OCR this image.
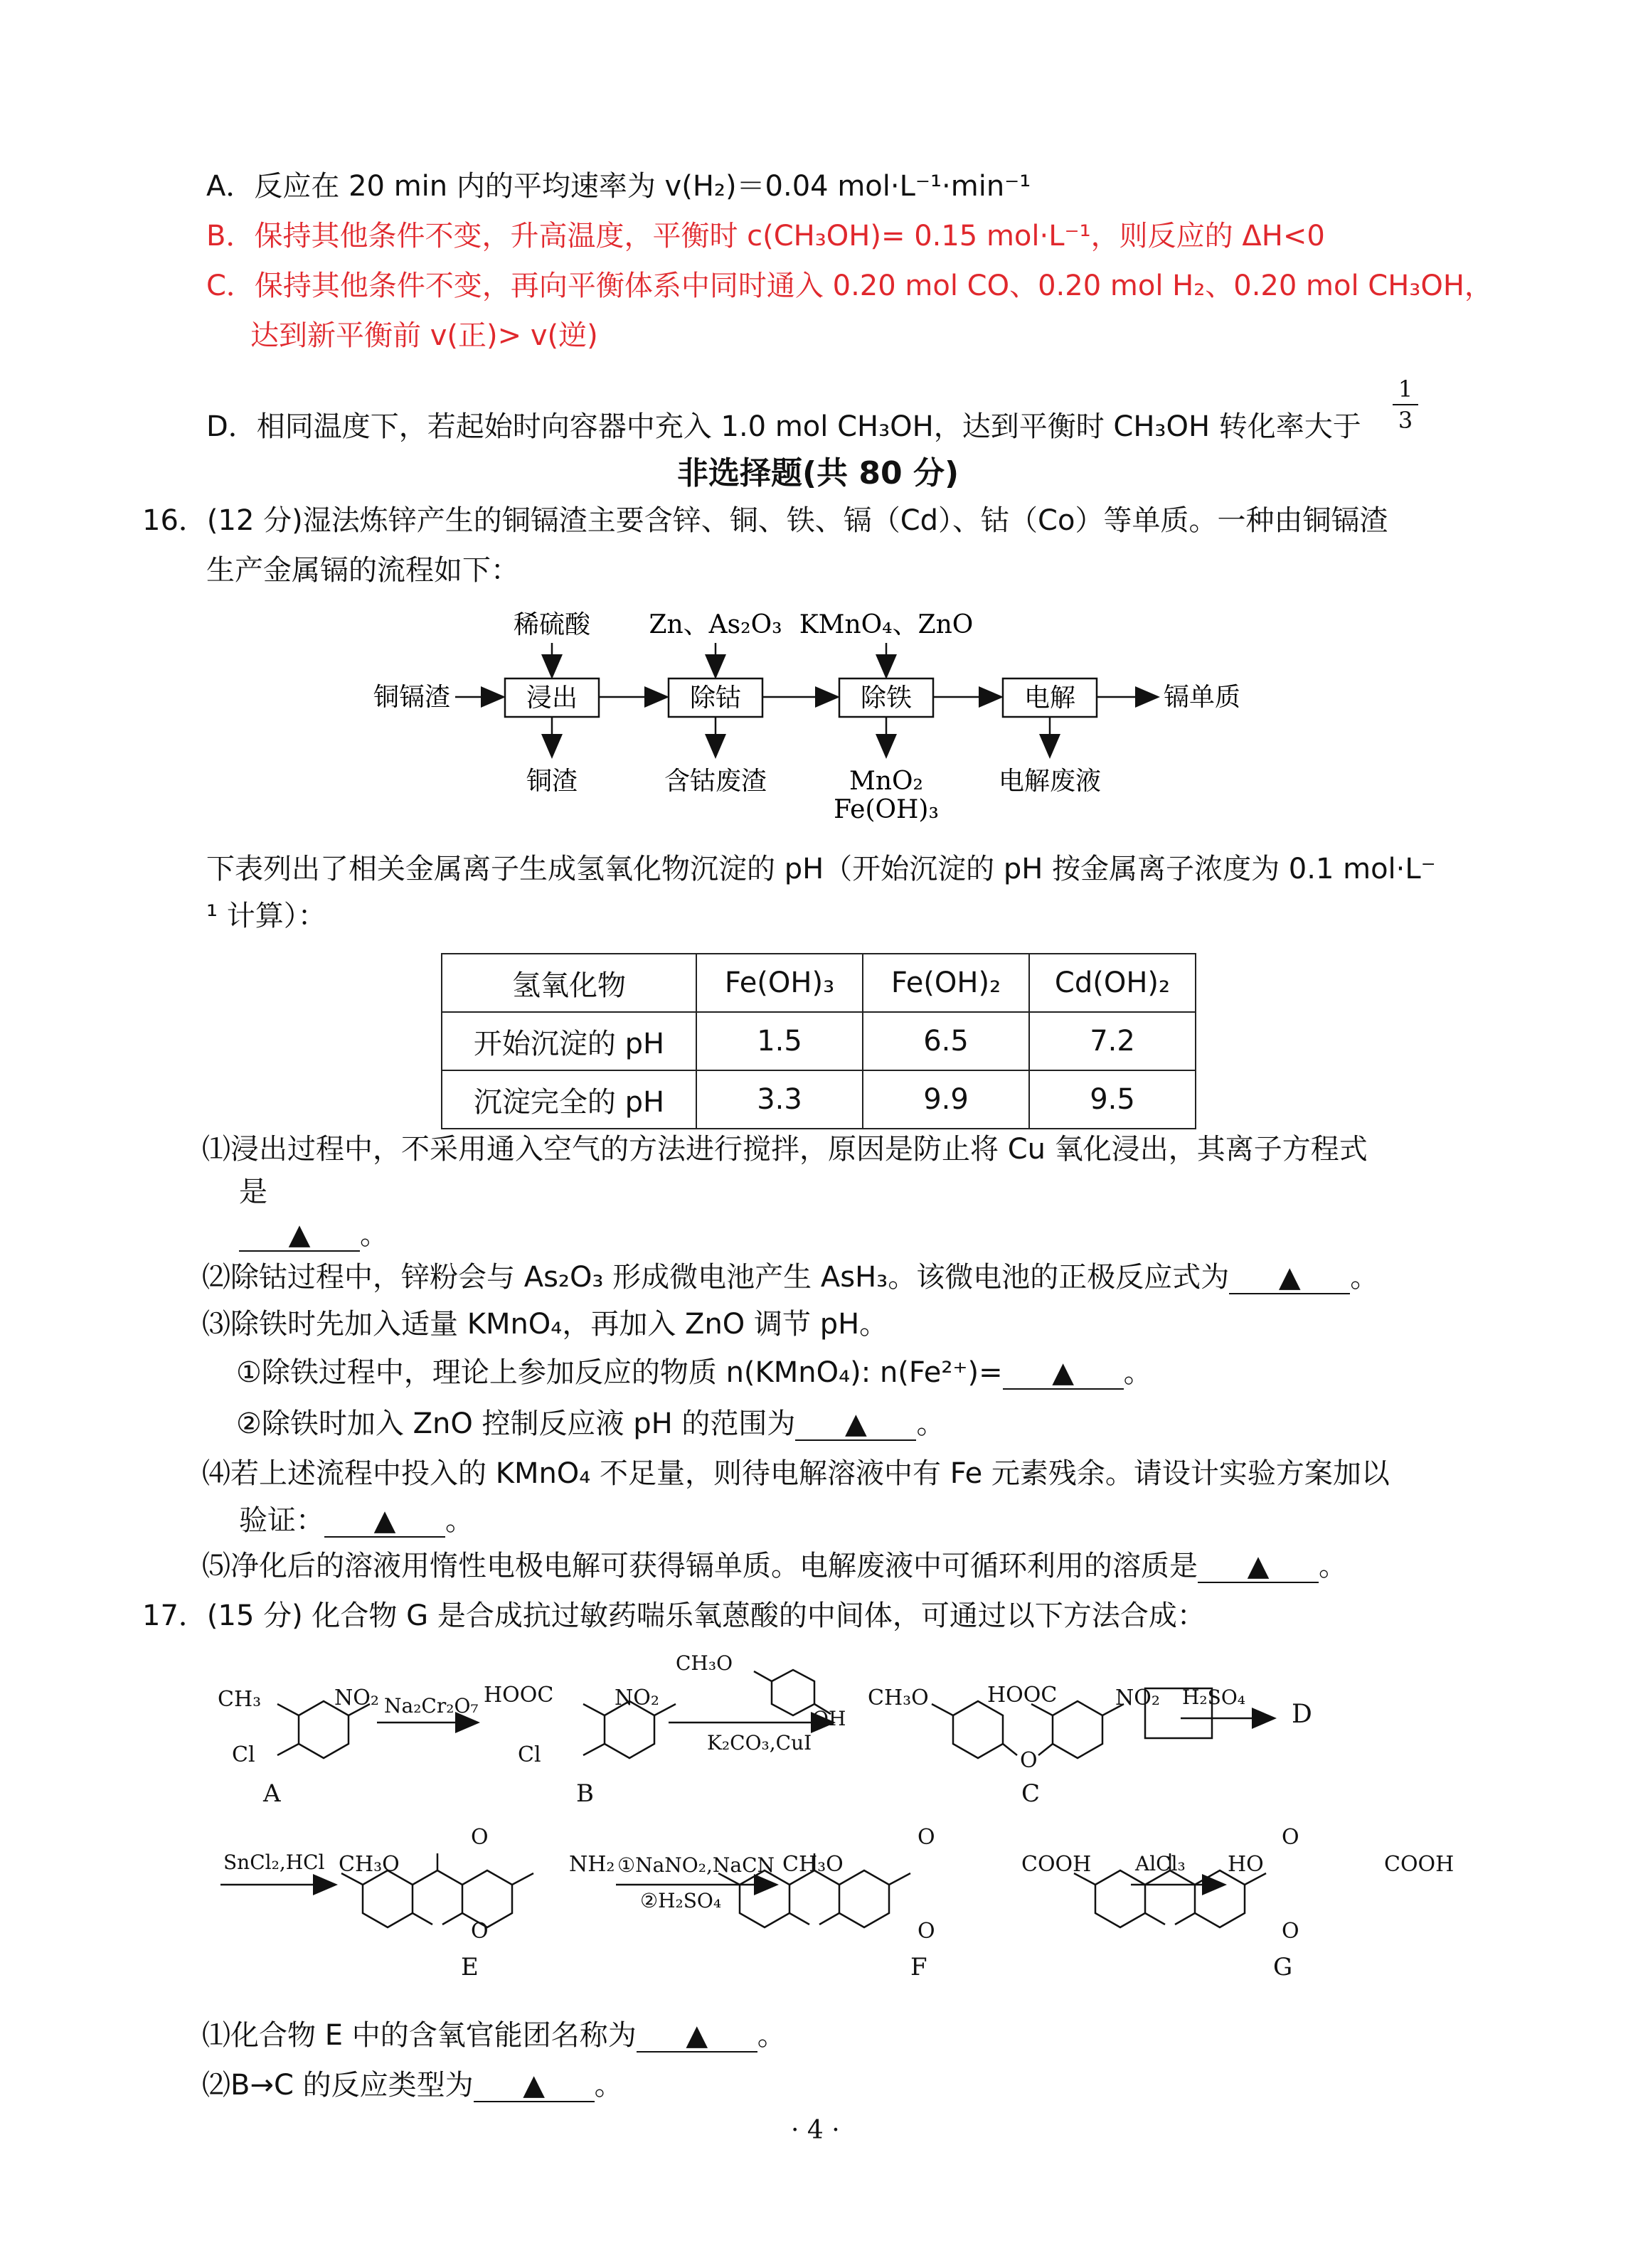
A．反应在 20 min 内的平均速率为 v(H₂)＝0.04 mol·L⁻¹·min⁻¹
B．保持其他条件不变，升高温度，平衡时 c(CH₃OH)= 0.15 mol·L⁻¹，则反应的 ΔH<0
C．保持其他条件不变，再向平衡体系中同时通入 0.20 mol CO、0.20 mol H₂、0.20 mol CH₃OH，
达到新平衡前 v(正)> v(逆)
D．相同温度下，若起始时向容器中充入 1.0 mol CH₃OH，达到平衡时 CH₃OH 转化率大于
1
3
非选择题(共 80 分)
16．(12 分)湿法炼锌产生的铜镉渣主要含锌、铜、铁、镉（Cd）、钴（Co）等单质。一种由铜镉渣
生产金属镉的流程如下：
铜镉渣	浸出	除钴	除铁	电解	镉单质
稀硫酸 Zn、As₂O₃ KMnO₄、ZnO
铜渣	含钴废渣	MnO₂
Fe(OH)₃
电解废液
下表列出了相关金属离子生成氢氧化物沉淀的 pH（开始沉淀的 pH 按金属离子浓度为 0.1 mol·L⁻
¹ 计算）：
氢氧化物	Fe(OH)₃	Fe(OH)₂	Cd(OH)₂
开始沉淀的 pH	1.5	6.5	7.2
沉淀完全的 pH	3.3	9.9	9.5
⑴浸出过程中，不采用通入空气的方法进行搅拌，原因是防止将 Cu 氧化浸出，其离子方程式
是
▲ 。
⑵除钴过程中，锌粉会与 As₂O₃ 形成微电池产生 AsH₃。该微电池的正极反应式为 ▲ 。
⑶除铁时先加入适量 KMnO₄，再加入 ZnO 调节 pH。
①除铁过程中，理论上参加反应的物质 n(KMnO₄): n(Fe²⁺)= ▲ 。
②除铁时加入 ZnO 控制反应液 pH 的范围为 ▲ 。
⑷若上述流程中投入的 KMnO₄ 不足量，则待电解溶液中有 Fe 元素残余。请设计实验方案加以
验证： ▲ 。
⑸净化后的溶液用惰性电极电解可获得镉单质。电解废液中可循环利用的溶质是 ▲ 。
17．(15 分) 化合物 G 是合成抗过敏药喘乐氧蒽酸的中间体，可通过以下方法合成：
CH₃	NO₂
Cl
A
Na₂Cr₂O₇ HOOC	NO₂
Cl
B
CH₃O
OH
K₂CO₃,CuI
CH₃O	HOOC	NO₂
O
C
H₂SO₄
D
SnCl₂,HCl CH₃O
O
O
NH₂
E
①NaNO₂,NaCN
②H₂SO₄
CH₃O
O
O
COOH
F
AlCl₃ HO
O
O
COOH
G
⑴化合物 E 中的含氧官能团名称为 ▲ 。
⑵B→C 的反应类型为 ▲ 。
· 4 ·
